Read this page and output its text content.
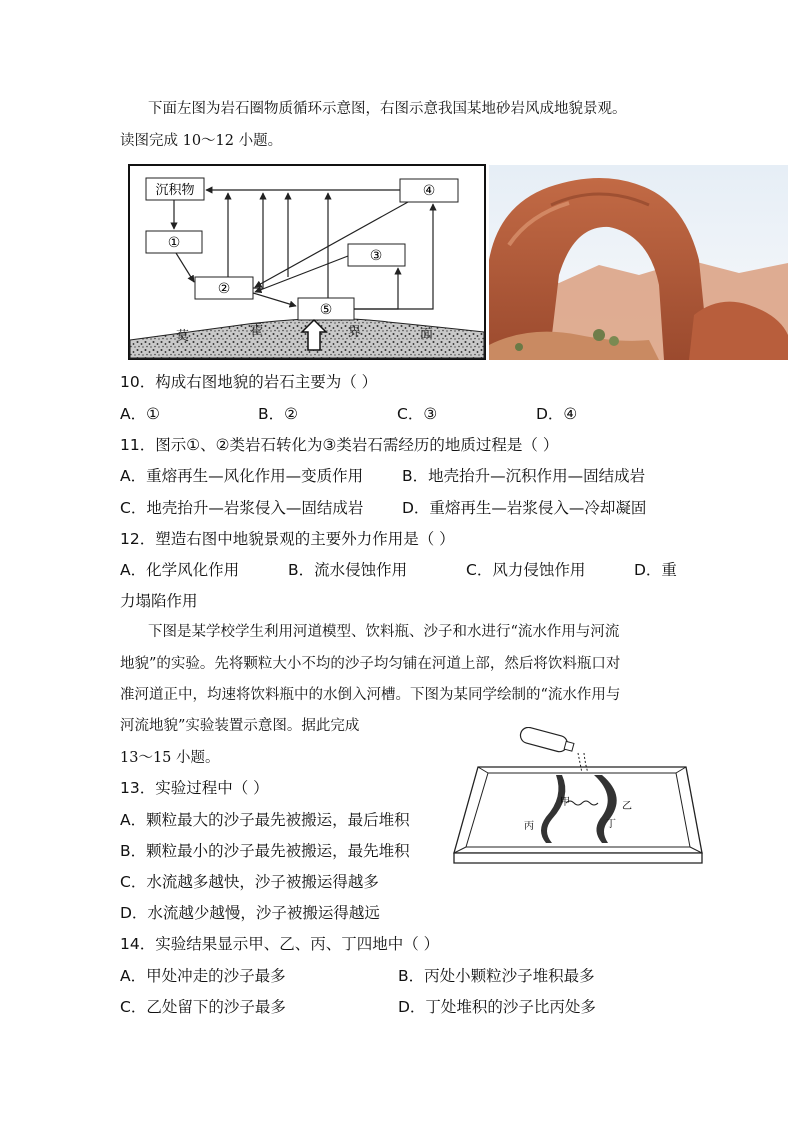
下面左图为岩石圈物质循环示意图，右图示意我国某地砂岩风成地貌景观。
读图完成 10～12 小题。
莫	霍	界	面
沉积物
①
②
③
④
⑤
10．构成右图地貌的岩石主要为（ ）
A．①	B．②	C．③	D．④
11．图示①、②类岩石转化为③类岩石需经历的地质过程是（ ）
A．重熔再生—风化作用—变质作用	B．地壳抬升—沉积作用—固结成岩
C．地壳抬升—岩浆侵入—固结成岩 D．重熔再生—岩浆侵入—冷却凝固
12．塑造右图中地貌景观的主要外力作用是（ ）
A．化学风化作用	B．流水侵蚀作用	C．风力侵蚀作用	D．重
力塌陷作用
下图是某学校学生利用河道模型、饮料瓶、沙子和水进行“流水作用与河流
地貌”的实验。先将颗粒大小不均的沙子均匀铺在河道上部，然后将饮料瓶口对
准河道正中，均速将饮料瓶中的水倒入河槽。下图为某同学绘制的“流水作用与
河流地貌”实验装置示意图。据此完成
13～15 小题。
甲	乙
丙	丁
13．实验过程中（ ）
A．颗粒最大的沙子最先被搬运，最后堆积
B．颗粒最小的沙子最先被搬运，最先堆积
C．水流越多越快，沙子被搬运得越多
D．水流越少越慢，沙子被搬运得越远
14．实验结果显示甲、乙、丙、丁四地中（ ）
A．甲处冲走的沙子最多	B．丙处小颗粒沙子堆积最多
C．乙处留下的沙子最多	D．丁处堆积的沙子比丙处多
